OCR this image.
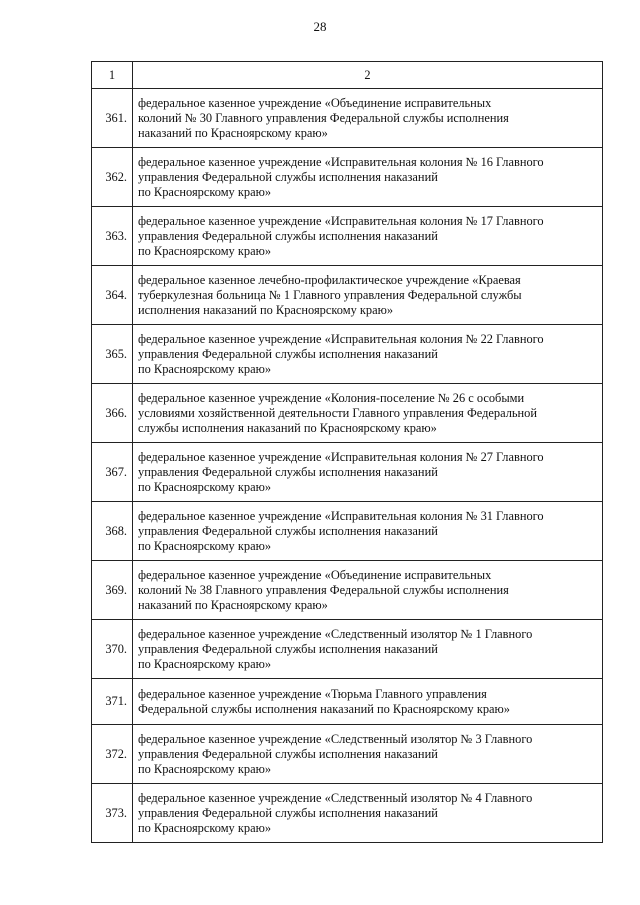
28
1	2
361.	федеральное казенное учреждение «Объединение исправительных
колоний № 30 Главного управления Федеральной службы исполнения
наказаний по Красноярскому краю»
362.	федеральное казенное учреждение «Исправительная колония № 16 Главного
управления Федеральной службы исполнения наказаний
по Красноярскому краю»
363.	федеральное казенное учреждение «Исправительная колония № 17 Главного
управления Федеральной службы исполнения наказаний
по Красноярскому краю»
364.	федеральное казенное лечебно-профилактическое учреждение «Краевая
туберкулезная больница № 1 Главного управления Федеральной службы
исполнения наказаний по Красноярскому краю»
365.	федеральное казенное учреждение «Исправительная колония № 22 Главного
управления Федеральной службы исполнения наказаний
по Красноярскому краю»
366.	федеральное казенное учреждение «Колония-поселение № 26 с особыми
условиями хозяйственной деятельности Главного управления Федеральной
службы исполнения наказаний по Красноярскому краю»
367.	федеральное казенное учреждение «Исправительная колония № 27 Главного
управления Федеральной службы исполнения наказаний
по Красноярскому краю»
368.	федеральное казенное учреждение «Исправительная колония № 31 Главного
управления Федеральной службы исполнения наказаний
по Красноярскому краю»
369.	федеральное казенное учреждение «Объединение исправительных
колоний № 38 Главного управления Федеральной службы исполнения
наказаний по Красноярскому краю»
370.	федеральное казенное учреждение «Следственный изолятор № 1 Главного
управления Федеральной службы исполнения наказаний
по Красноярскому краю»
371.	федеральное казенное учреждение «Тюрьма Главного управления
Федеральной службы исполнения наказаний по Красноярскому краю»
372.	федеральное казенное учреждение «Следственный изолятор № 3 Главного
управления Федеральной службы исполнения наказаний
по Красноярскому краю»
373.	федеральное казенное учреждение «Следственный изолятор № 4 Главного
управления Федеральной службы исполнения наказаний
по Красноярскому краю»
